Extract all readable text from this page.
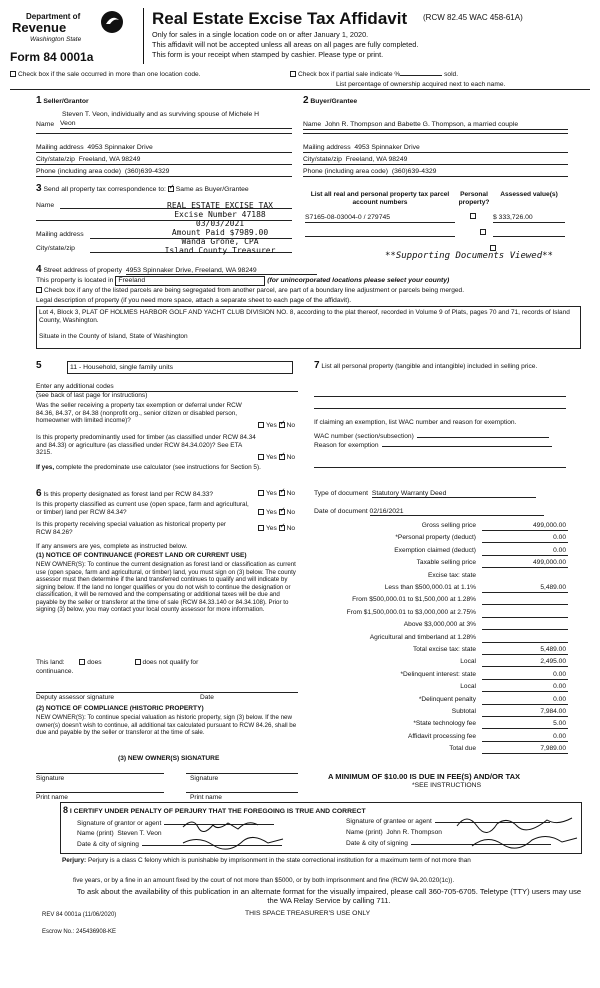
Department of
Revenue
Washington State
Form 84 0001a
Real Estate Excise Tax Affidavit (RCW 82.45 WAC 458-61A)
Only for sales in a single location code on or after January 1, 2020.
This affidavit will not be accepted unless all areas on all pages are fully completed.
This form is your receipt when stamped by cashier. Please type or print.
Check box if the sale occurred in more than one location code.	Check box if partial sale indicate %	sold.
List percentage of ownership acquired next to each name.
1 Seller/Grantor
Steven T. Veon, individually and as surviving spouse of Michele H
Name Veon
Mailing address 4953 Spinnaker Drive
City/state/zip Freeland, WA 98249
Phone (including area code) (360)639-4329
2 Buyer/Grantee
Name John R. Thompson and Babette G. Thompson, a married couple
Mailing address 4953 Spinnaker Drive
City/state/zip Freeland, WA 98249
Phone (including area code) (360)639-4329
3 Send all property tax correspondence to: ✓ Same as Buyer/Grantee
Name
Mailing address
City/state/zip
REAL ESTATE EXCISE TAX
Excise Number 47188
03/03/2021
Amount Paid $7989.00
Wanda Grone, CPA
Island County Treasurer
**Supporting Documents Viewed**
List all real and personal property tax parcel account numbers
Personal property?
Assessed value(s)
S7165-08-03004-0 / 279745
	$ 333,726.00

4 Street address of property 4953 Spinnaker Drive, Freeland, WA 98249
This property is located in Freeland	(for unincorporated locations please select your county)
Check box if any of the listed parcels are being segregated from another parcel, are part of a boundary line adjustment or parcels being merged.
Legal description of property (if you need more space, attach a separate sheet to each page of the affidavit).
Lot 4, Block 3, PLAT OF HOLMES HARBOR GOLF AND YACHT CLUB DIVISION NO. 8, according to the plat thereof, recorded in Volume 9 of Plats, pages 70 and 71, records of Island County, Washington.
Situate in the County of Island, State of Washington
5	11 - Household, single family units
Enter any additional codes
(see back of last page for instructions)
Was the seller receiving a property tax exemption or deferral under RCW 84.36, 84.37, or 84.38 (nonprofit org., senior citizen or disabled person, homeowner with limited income)?
Yes ✓ No
Is this property predominantly used for timber (as classified under RCW 84.34 and 84.33) or agriculture (as classified under RCW 84.34.020)? See ETA 3215.
Yes ✓ No
If yes, complete the predominate use calculator (see instructions for Section 5).
6 Is this property designated as forest land per RCW 84.33?	Yes ✓No
Is this property classified as current use (open space, farm and agricultural, or timber) land per RCW 84.34?	Yes ✓No
Is this property receiving special valuation as historical property per RCW 84.26?
Yes ✓No
If any answers are yes, complete as instructed below.
(1) NOTICE OF CONTINUANCE (FOREST LAND OR CURRENT USE)
NEW OWNER(S): To continue the current designation as forest land or classification as current use (open space, farm and agricultural, or timber) land, you must sign on (3) below. The county assessor must then determine if the land transferred continues to qualify and will indicate by signing below. If the land no longer qualifies or you do not wish to continue the designation or classification, it will be removed and the compensating or additional taxes will be due and payable by the seller or transferor at the time of sale (RCW 84.33.140 or 84.34.108). Prior to signing (3) below, you may contact your local county assessor for more information.
This land:	does	does not qualify for
continuance.
Deputy assessor signature	Date
(2) NOTICE OF COMPLIANCE (HISTORIC PROPERTY)
NEW OWNER(S): To continue special valuation as historic property, sign (3) below. If the new owner(s) doesn't wish to continue, all additional tax calculated pursuant to RCW 84.26, shall be due and payable by the seller or transferor at the time of sale.
(3) NEW OWNER(S) SIGNATURE
Signature	Signature
Print name	Print name
7 List all personal property (tangible and intangible) included in selling price.
If claiming an exemption, list WAC number and reason for exemption.
WAC number (section/subsection)
Reason for exemption
Type of document Statutory Warranty Deed
Date of document 02/16/2021
Gross selling price	499,000.00
*Personal property (deduct)	0.00
Exemption claimed (deduct)	0.00
Taxable selling price	499,000.00
Excise tax: state
Less than $500,000.01 at 1.1%	5,489.00
From $500,000.01 to $1,500,000 at 1.28%
From $1,500,000.01 to $3,000,000 at 2.75%
Above $3,000,000 at 3%
Agricultural and timberland at 1.28%
Total excise tax: state	5,489.00
Local	2,495.00
*Delinquent interest: state	0.00
Local	0.00
*Delinquent penalty	0.00
Subtotal	7,984.00
*State technology fee	5.00
Affidavit processing fee	0.00
Total due	7,989.00
A MINIMUM OF $10.00 IS DUE IN FEE(S) AND/OR TAX
*SEE INSTRUCTIONS
8 I CERTIFY UNDER PENALTY OF PERJURY THAT THE FOREGOING IS TRUE AND CORRECT
Signature of grantor or agent
Name (print) Steven T. Veon
Date & city of signing
Signature of grantee or agent
Name (print) John R. Thompson
Date & city of signing
Perjury: Perjury is a class C felony which is punishable by imprisonment in the state correctional institution for a maximum term of not more than
five years, or by a fine in an amount fixed by the court of not more than $5000, or by both imprisonment and fine (RCW 9A.20.020(1c)).
To ask about the availability of this publication in an alternate format for the visually impaired, please call 360-705-6705. Teletype (TTY) users may use the WA Relay Service by calling 711.
REV 84 0001a (11/06/2020)	THIS SPACE TREASURER'S USE ONLY
Escrow No.: 245436908-KE
